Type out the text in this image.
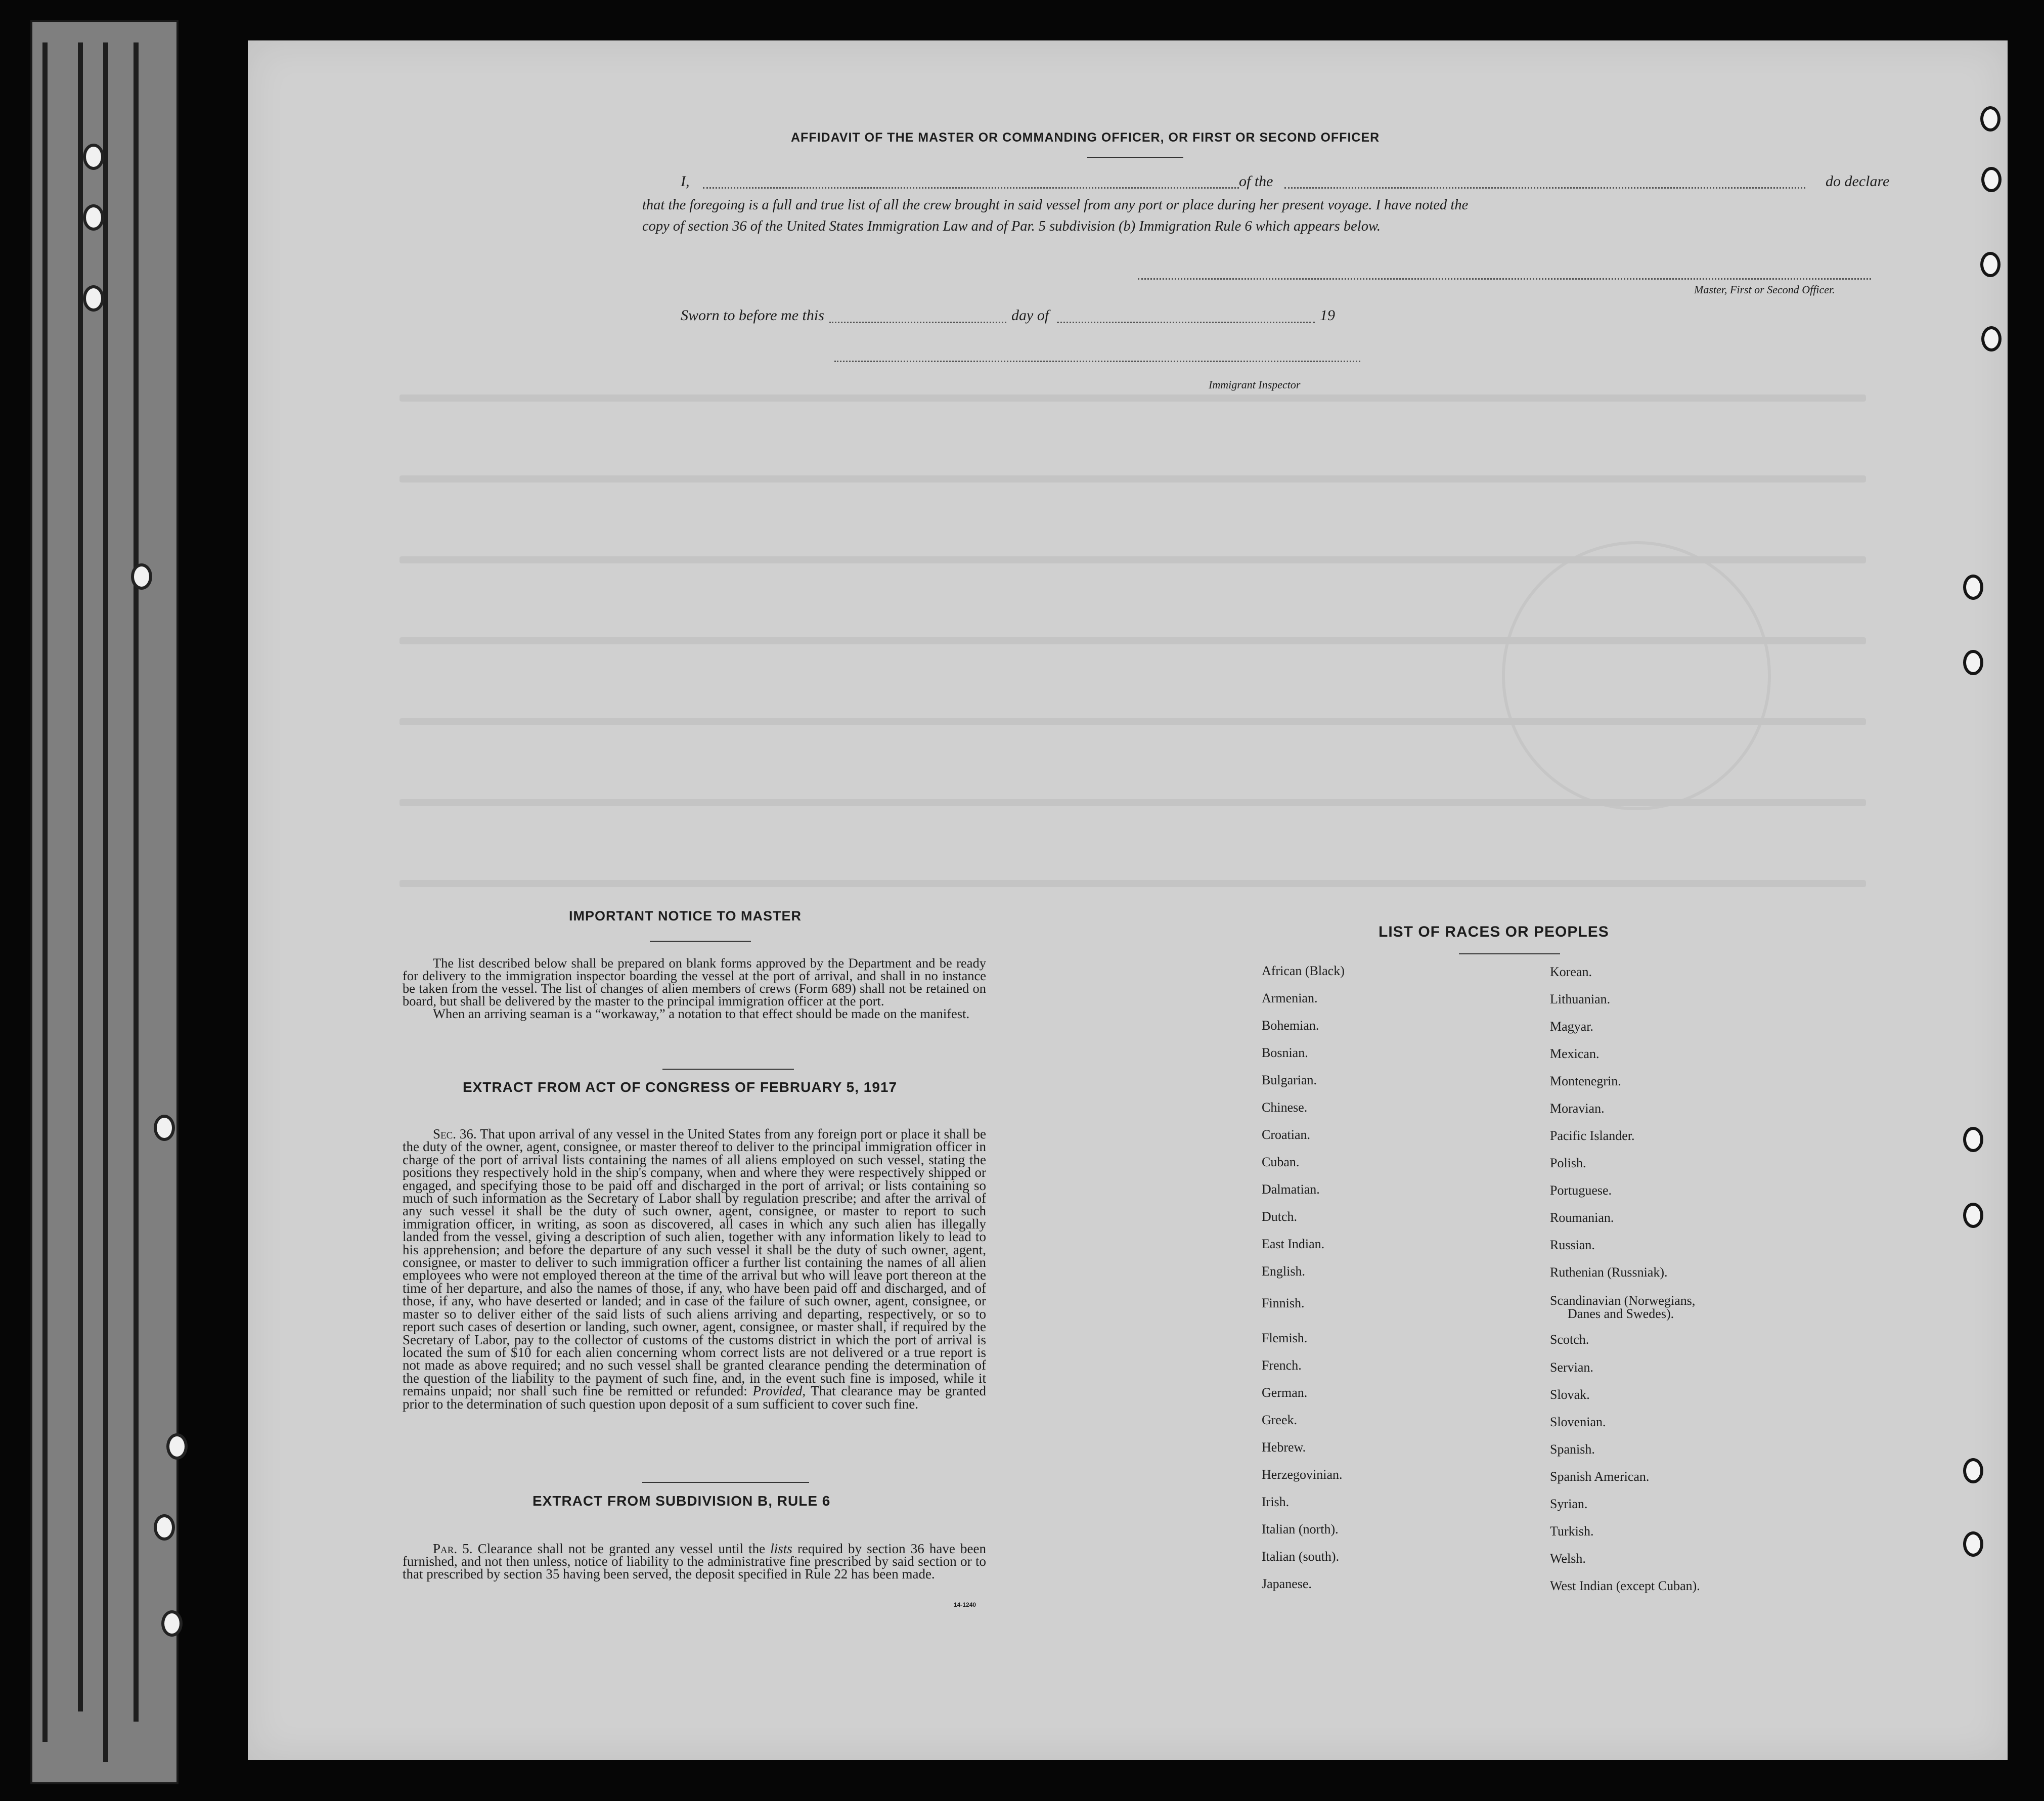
AFFIDAVIT OF THE MASTER OR COMMANDING OFFICER, OR FIRST OR SECOND OFFICER
I,	of the	do declare
that the foregoing is a full and true list of all the crew brought in said vessel from any port or place during her present voyage. I have noted the
copy of section 36 of the United States Immigration Law and of Par. 5 subdivision (b) Immigration Rule 6 which appears below.
Master, First or Second Officer.
Sworn to before me this	day of	19
Immigrant Inspector
IMPORTANT NOTICE TO MASTER

The list described below shall be prepared on blank forms approved by the Department and be ready for delivery to the immigration inspector boarding the vessel at the port of arrival, and shall in no instance be taken from the vessel. The list of changes of alien members of crews (Form 689) shall not be retained on board, but shall be delivered by the master to the principal immigration officer at the port.

When an arriving seaman is a “workaway,” a notation to that effect should be made on the manifest.

EXTRACT FROM ACT OF CONGRESS OF FEBRUARY 5, 1917

Sec. 36. That upon arrival of any vessel in the United States from any foreign port or place it shall be the duty of the owner, agent, consignee, or master thereof to deliver to the principal immigration officer in charge of the port of arrival lists containing the names of all aliens employed on such vessel, stating the positions they respectively hold in the ship's company, when and where they were respectively shipped or engaged, and specifying those to be paid off and discharged in the port of arrival; or lists containing so much of such information as the Secretary of Labor shall by regulation prescribe; and after the arrival of any such vessel it shall be the duty of such owner, agent, consignee, or master to report to such immigration officer, in writing, as soon as discovered, all cases in which any such alien has illegally landed from the vessel, giving a description of such alien, together with any information likely to lead to his apprehension; and before the departure of any such vessel it shall be the duty of such owner, agent, consignee, or master to deliver to such immigration officer a further list containing the names of all alien employees who were not employed thereon at the time of the arrival but who will leave port thereon at the time of her departure, and also the names of those, if any, who have been paid off and discharged, and of those, if any, who have deserted or landed; and in case of the failure of such owner, agent, consignee, or master so to deliver either of the said lists of such aliens arriving and departing, respectively, or so to report such cases of desertion or landing, such owner, agent, consignee, or master shall, if required by the Secretary of Labor, pay to the collector of customs of the customs district in which the port of arrival is located the sum of $10 for each alien concerning whom correct lists are not delivered or a true report is not made as above required; and no such vessel shall be granted clearance pending the determination of the question of the liability to the payment of such fine, and, in the event such fine is imposed, while it remains unpaid; nor shall such fine be remitted or refunded: Provided, That clearance may be granted prior to the determination of such question upon deposit of a sum sufficient to cover such fine.

EXTRACT FROM SUBDIVISION B, RULE 6

Par. 5. Clearance shall not be granted any vessel until the lists required by section 36 have been furnished, and not then unless, notice of liability to the administrative fine prescribed by said section or to that prescribed by section 35 having been served, the deposit specified in Rule 22 has been made.

14-1240
LIST OF RACES OR PEOPLES
African (Black)
Armenian.
Bohemian.
Bosnian.
Bulgarian.
Chinese.
Croatian.
Cuban.
Dalmatian.
Dutch.
East Indian.
English.
Finnish.
Flemish.
French.
German.
Greek.
Hebrew.
Herzegovinian.
Irish.
Italian (north).
Italian (south).
Japanese.
Korean.
Lithuanian.
Magyar.
Mexican.
Montenegrin.
Moravian.
Pacific Islander.
Polish.
Portuguese.
Roumanian.
Russian.
Ruthenian (Russniak).
Scandinavian (Norwegians,
Danes and Swedes).
Scotch.
Servian.
Slovak.
Slovenian.
Spanish.
Spanish American.
Syrian.
Turkish.
Welsh.
West Indian (except Cuban).
